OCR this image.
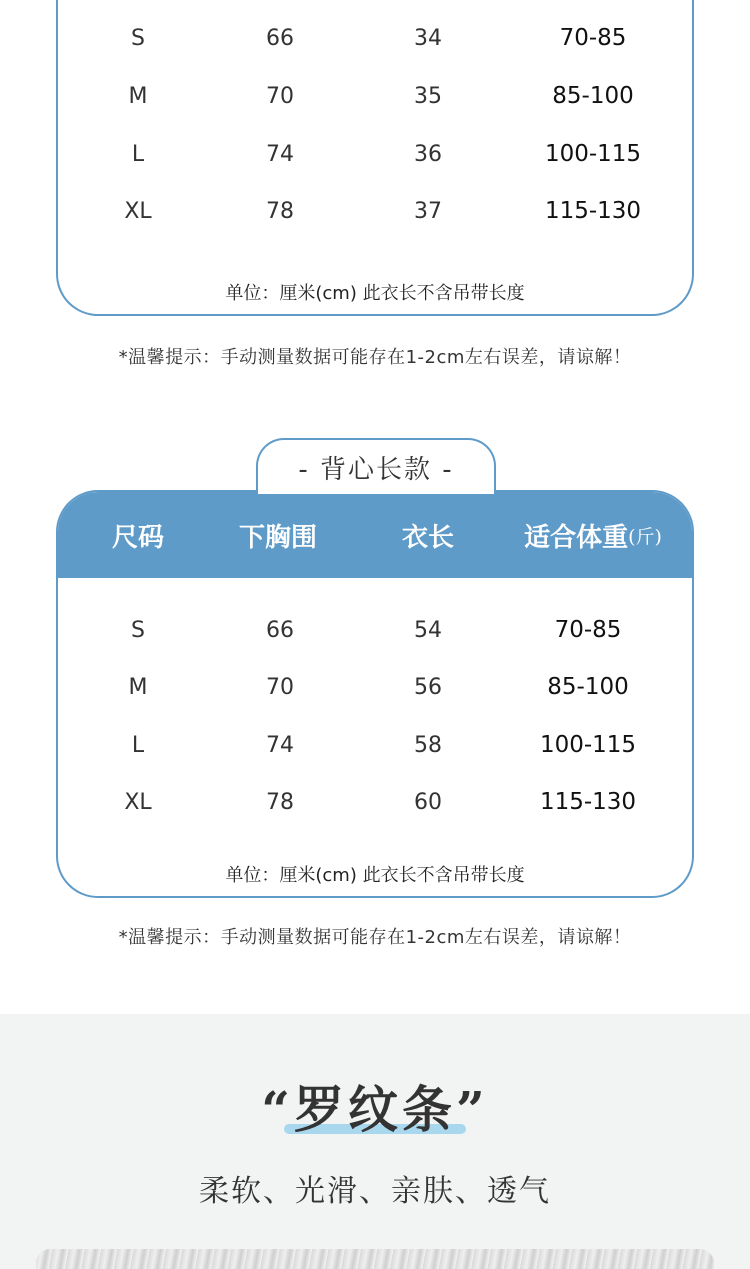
S	66	34	70-85
M	70	35	85-100
L	74	36	100-115
XL	78	37	115-130
单位：厘米(cm) 此衣长不含吊带长度
*温馨提示：手动测量数据可能存在1-2cm左右误差，请谅解！
- 背心长款 -
尺码	下胸围	衣长	适合体重 (斤)
S	66	54	70-85
M	70	56	85-100
L	74	58	100-115
XL	78	60	115-130
单位：厘米(cm) 此衣长不含吊带长度
*温馨提示：手动测量数据可能存在1-2cm左右误差，请谅解！
“罗纹条”
柔软、光滑、亲肤、透气
